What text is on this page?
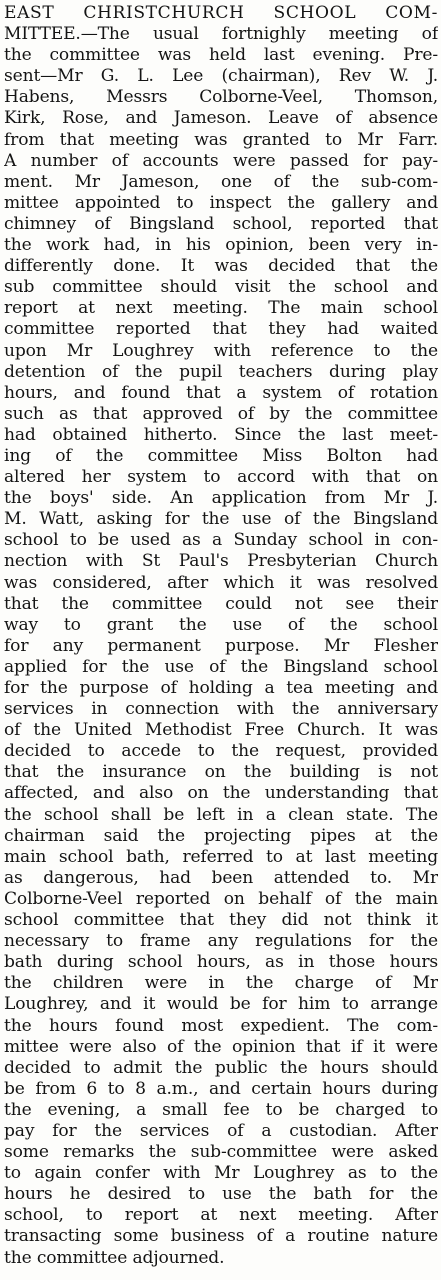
EAST CHRISTCHURCH SCHOOL COM-
MITTEE.—The usual fortnighly meeting of
the committee was held last evening. Pre-
sent—Mr G. L. Lee (chairman), Rev W. J.
Habens, Messrs Colborne-Veel, Thomson,
Kirk, Rose, and Jameson. Leave of absence
from that meeting was granted to Mr Farr.
A number of accounts were passed for pay-
ment. Mr Jameson, one of the sub-com-
mittee appointed to inspect the gallery and
chimney of Bingsland school, reported that
the work had, in his opinion, been very in-
differently done. It was decided that the
sub committee should visit the school and
report at next meeting. The main school
committee reported that they had waited
upon Mr Loughrey with reference to the
detention of the pupil teachers during play
hours, and found that a system of rotation
such as that approved of by the committee
had obtained hitherto. Since the last meet-
ing of the committee Miss Bolton had
altered her system to accord with that on
the boys' side. An application from Mr J.
M. Watt, asking for the use of the Bingsland
school to be used as a Sunday school in con-
nection with St Paul's Presbyterian Church
was considered, after which it was resolved
that the committee could not see their
way to grant the use of the school
for any permanent purpose. Mr Flesher
applied for the use of the Bingsland school
for the purpose of holding a tea meeting and
services in connection with the anniversary
of the United Methodist Free Church. It was
decided to accede to the request, provided
that the insurance on the building is not
affected, and also on the understanding that
the school shall be left in a clean state. The
chairman said the projecting pipes at the
main school bath, referred to at last meeting
as dangerous, had been attended to. Mr
Colborne-Veel reported on behalf of the main
school committee that they did not think it
necessary to frame any regulations for the
bath during school hours, as in those hours
the children were in the charge of Mr
Loughrey, and it would be for him to arrange
the hours found most expedient. The com-
mittee were also of the opinion that if it were
decided to admit the public the hours should
be from 6 to 8 a.m., and certain hours during
the evening, a small fee to be charged to
pay for the services of a custodian. After
some remarks the sub-committee were asked
to again confer with Mr Loughrey as to the
hours he desired to use the bath for the
school, to report at next meeting. After
transacting some business of a routine nature
the committee adjourned.
